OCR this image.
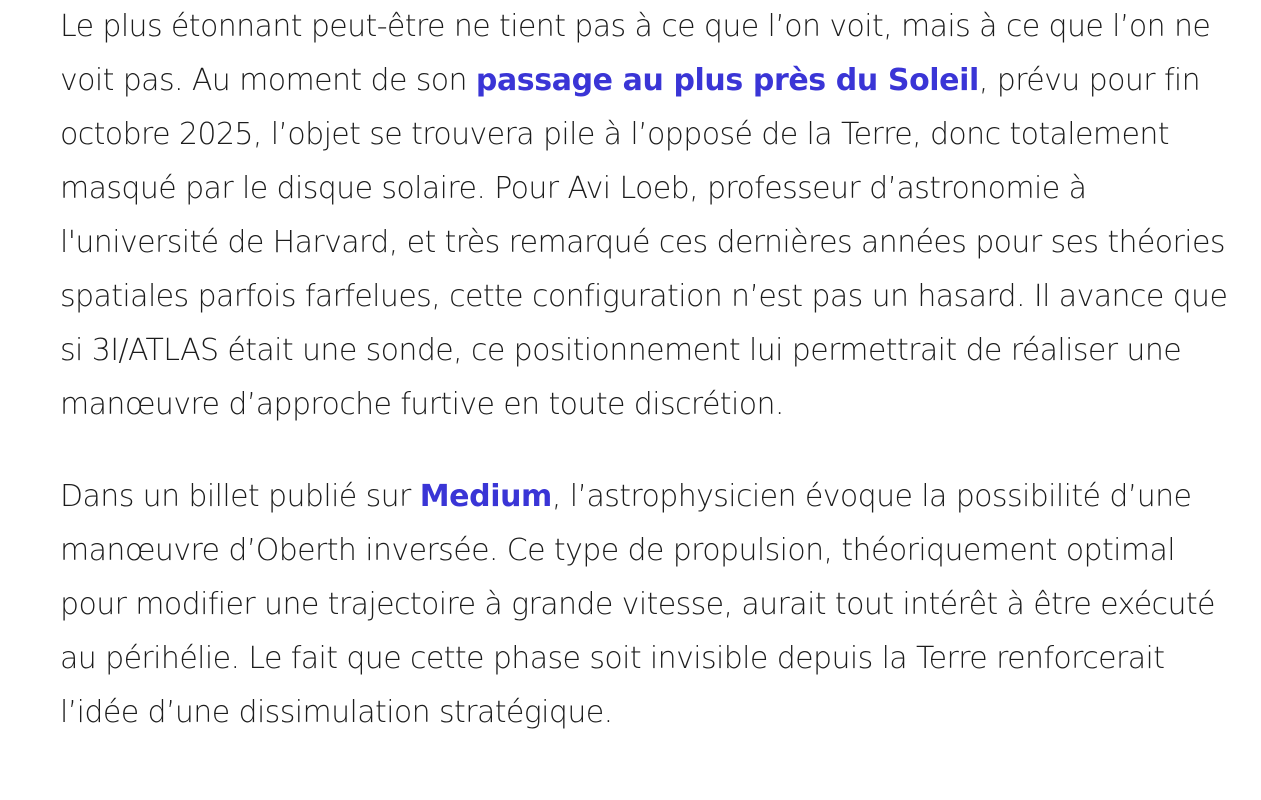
Le plus étonnant peut-être ne tient pas à ce que l’on voit, mais à ce que l’on ne voit pas. Au moment de son passage au plus près du Soleil, prévu pour fin octobre 2025, l’objet se trouvera pile à l’opposé de la Terre, donc totalement masqué par le disque solaire. Pour Avi Loeb, professeur d’astronomie à l'université de Harvard, et très remarqué ces dernières années pour ses théories spatiales parfois farfelues, cette configuration n’est pas un hasard. Il avance que si 3I/ATLAS était une sonde, ce positionnement lui permettrait de réaliser une manœuvre d’approche furtive en toute discrétion.

Dans un billet publié sur Medium, l’astrophysicien évoque la possibilité d’une manœuvre d’Oberth inversée. Ce type de propulsion, théoriquement optimal pour modifier une trajectoire à grande vitesse, aurait tout intérêt à être exécuté au périhélie. Le fait que cette phase soit invisible depuis la Terre renforcerait l’idée d’une dissimulation stratégique.
